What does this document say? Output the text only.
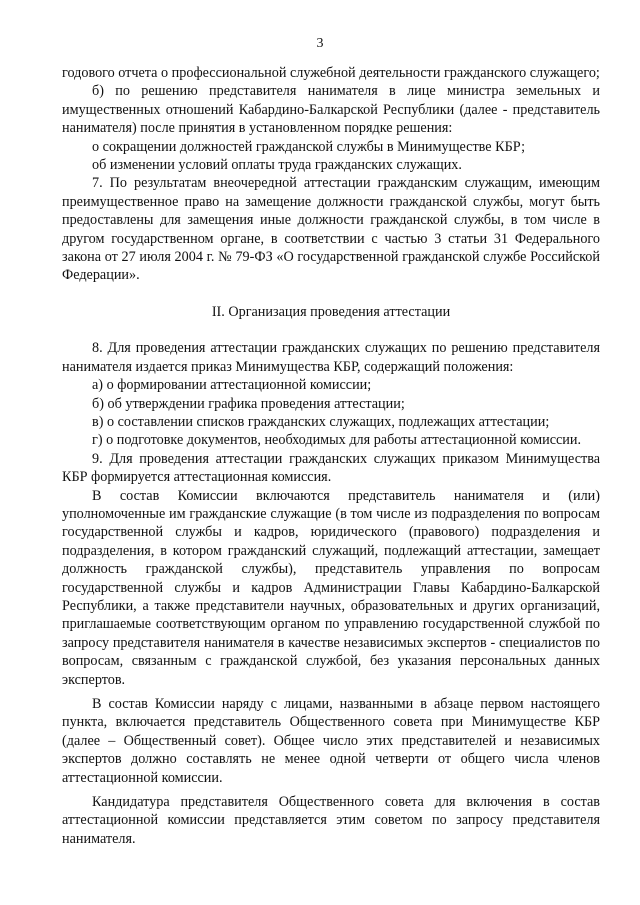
3

годового отчета о профессиональной служебной деятельности гражданского служащего;

б) по решению представителя нанимателя в лице министра земельных и имущественных отношений Кабардино-Балкарской Республики (далее - представитель нанимателя) после принятия в установленном порядке решения:

о сокращении должностей гражданской службы в Минимуществе КБР;

об изменении условий оплаты труда гражданских служащих.

7. По результатам внеочередной аттестации гражданским служащим, имеющим преимущественное право на замещение должности гражданской службы, могут быть предоставлены для замещения иные должности гражданской службы, в том числе в другом государственном органе, в соответствии с частью 3 статьи 31 Федерального закона от 27 июля 2004 г. № 79-ФЗ «О государственной гражданской службе Российской Федерации».

II. Организация проведения аттестации

8. Для проведения аттестации гражданских служащих по решению представителя нанимателя издается приказ Минимущества КБР, содержащий положения:

а) о формировании аттестационной комиссии;

б) об утверждении графика проведения аттестации;

в) о составлении списков гражданских служащих, подлежащих аттестации;

г) о подготовке документов, необходимых для работы аттестационной комиссии.

9. Для проведения аттестации гражданских служащих приказом Минимущества КБР формируется аттестационная комиссия.

В состав Комиссии включаются представитель нанимателя и (или) уполномоченные им гражданские служащие (в том числе из подразделения по вопросам государственной службы и кадров, юридического (правового) подразделения и подразделения, в котором гражданский служащий, подлежащий аттестации, замещает должность гражданской службы), представитель управления по вопросам государственной службы и кадров Администрации Главы Кабардино-Балкарской Республики, а также представители научных, образовательных и других организаций, приглашаемые соответствующим органом по управлению государственной службой по запросу представителя нанимателя в качестве независимых экспертов - специалистов по вопросам, связанным с гражданской службой, без указания персональных данных экспертов.

В состав Комиссии наряду с лицами, названными в абзаце первом настоящего пункта, включается представитель Общественного совета при Минимуществе КБР (далее – Общественный совет). Общее число этих представителей и независимых экспертов должно составлять не менее одной четверти от общего числа членов аттестационной комиссии.

Кандидатура представителя Общественного совета для включения в состав аттестационной комиссии представляется этим советом по запросу представителя нанимателя.
